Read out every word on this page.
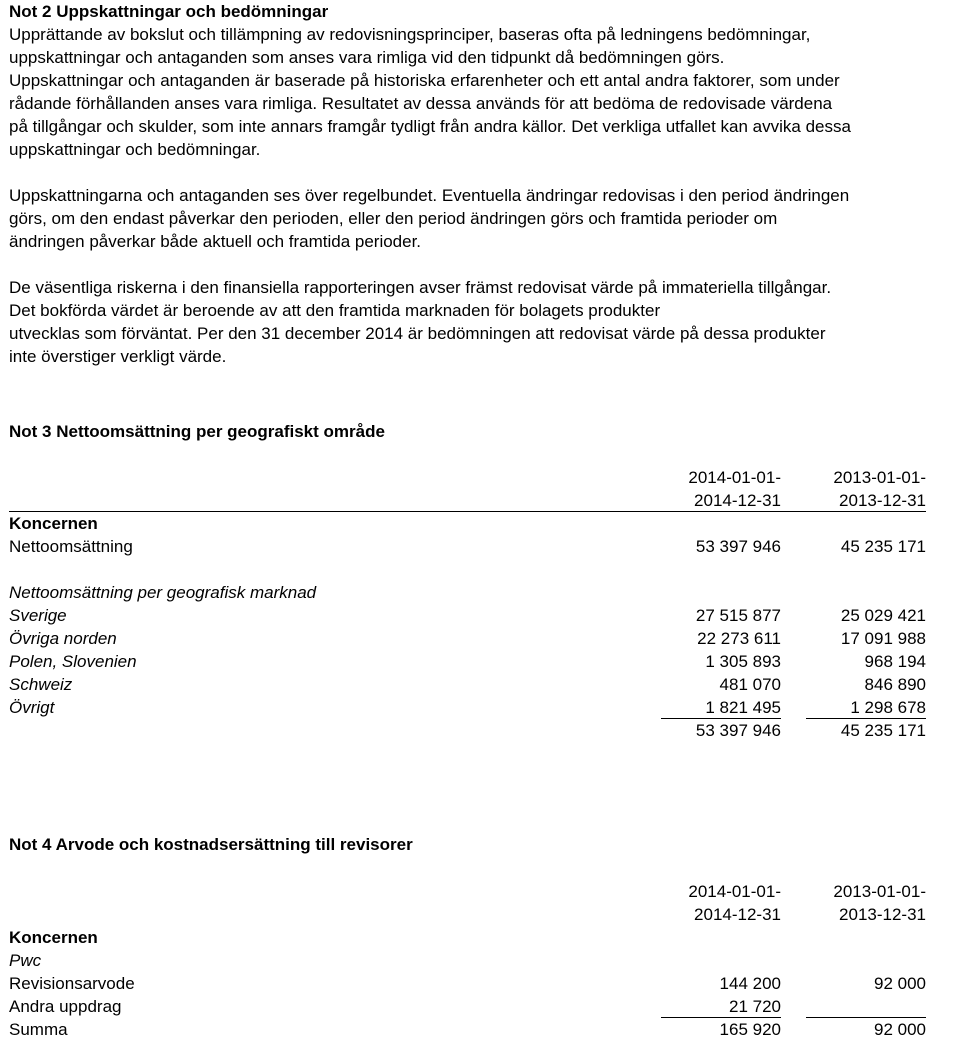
Not 2 Uppskattningar och bedömningar
Upprättande av bokslut och tillämpning av redovisningsprinciper, baseras ofta på ledningens bedömningar,
uppskattningar och antaganden som anses vara rimliga vid den tidpunkt då bedömningen görs.
Uppskattningar och antaganden är baserade på historiska erfarenheter och ett antal andra faktorer, som under
rådande förhållanden anses vara rimliga. Resultatet av dessa används för att bedöma de redovisade värdena
på tillgångar och skulder, som inte annars framgår tydligt från andra källor. Det verkliga utfallet kan avvika dessa
uppskattningar och bedömningar.
Uppskattningarna och antaganden ses över regelbundet. Eventuella ändringar redovisas i den period ändringen
görs, om den endast påverkar den perioden, eller den period ändringen görs och framtida perioder om
ändringen påverkar både aktuell och framtida perioder.
De väsentliga riskerna i den finansiella rapporteringen avser främst redovisat värde på immateriella tillgångar.
Det bokförda värdet är beroende av att den framtida marknaden för bolagets produkter
utvecklas som förväntat. Per den 31 december 2014 är bedömningen att redovisat värde på dessa produkter
inte överstiger verkligt värde.
Not 3 Nettoomsättning per geografiskt område
2014-01-01-	2013-01-01-
2014-12-31	2013-12-31
Koncernen
Nettoomsättning	53 397 946	45 235 171
Nettoomsättning per geografisk marknad
Sverige	27 515 877	25 029 421
Övriga norden	22 273 611	17 091 988
Polen, Slovenien	1 305 893	968 194
Schweiz	481 070	846 890
Övrigt	1 821 495	1 298 678
53 397 946	45 235 171
Not 4 Arvode och kostnadsersättning till revisorer
2014-01-01-	2013-01-01-
2014-12-31	2013-12-31
Koncernen
Pwc
Revisionsarvode	144 200	92 000
Andra uppdrag	21 720
Summa	165 920	92 000
